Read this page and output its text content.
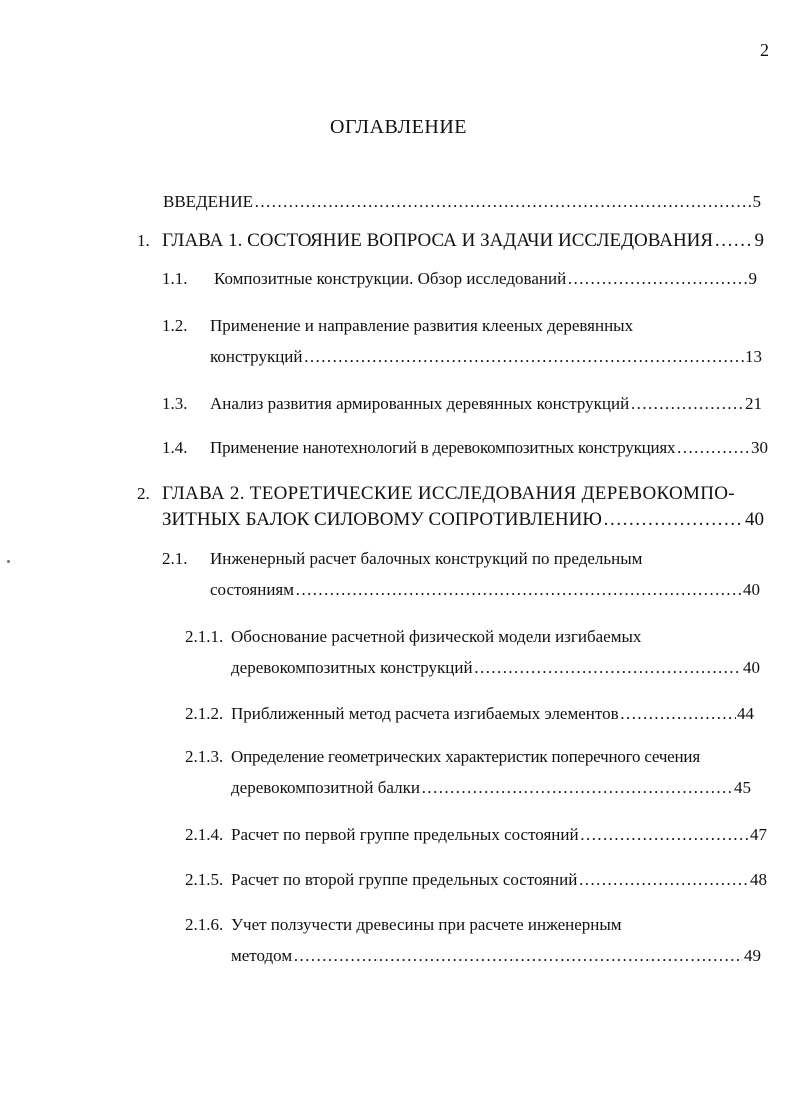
2
ОГЛАВЛЕНИЕ
ВВЕДЕНИЕ …………………………………………………………………………………………………………………………………………………………	5
1. ГЛАВА 1. СОСТОЯНИЕ ВОПРОСА И ЗАДАЧИ ИССЛЕДОВАНИЯ ………………………………………………………………………………………………………………………………………………………… 9
1.1. Композитные конструкции. Обзор исследований …………………………………………………………………………………………………………………………………………………………	9
1.2. Применение и направление развития клееных деревянных
конструкций …………………………………………………………………………………………………………………………………………………………	13
1.3. Анализ развития армированных деревянных конструкций …………………………………………………………………………………………………………………………………………………………	21
1.4. Применение нанотехнологий в деревокомпозитных конструкциях …………………………………………………………………………………………………………………………………………………………	30
2. ГЛАВА 2. ТЕОРЕТИЧЕСКИЕ ИССЛЕДОВАНИЯ ДЕРЕВОКОМПО-
ЗИТНЫХ БАЛОК СИЛОВОМУ СОПРОТИВЛЕНИЮ …………………………………………………………………………………………………………………………………………………………	40
2.1. Инженерный расчет балочных конструкций по предельным
состояниям …………………………………………………………………………………………………………………………………………………………	40
2.1.1. Обоснование расчетной физической модели изгибаемых
деревокомпозитных конструкций …………………………………………………………………………………………………………………………………………………………	40
2.1.2. Приближенный метод расчета изгибаемых элементов …………………………………………………………………………………………………………………………………………………………	44
2.1.3. Определение геометрических характеристик поперечного сечения
деревокомпозитной балки …………………………………………………………………………………………………………………………………………………………	45
2.1.4. Расчет по первой группе предельных состояний …………………………………………………………………………………………………………………………………………………………	47
2.1.5. Расчет по второй группе предельных состояний …………………………………………………………………………………………………………………………………………………………	48
2.1.6. Учет ползучести древесины при расчете инженерным
методом …………………………………………………………………………………………………………………………………………………………	49
